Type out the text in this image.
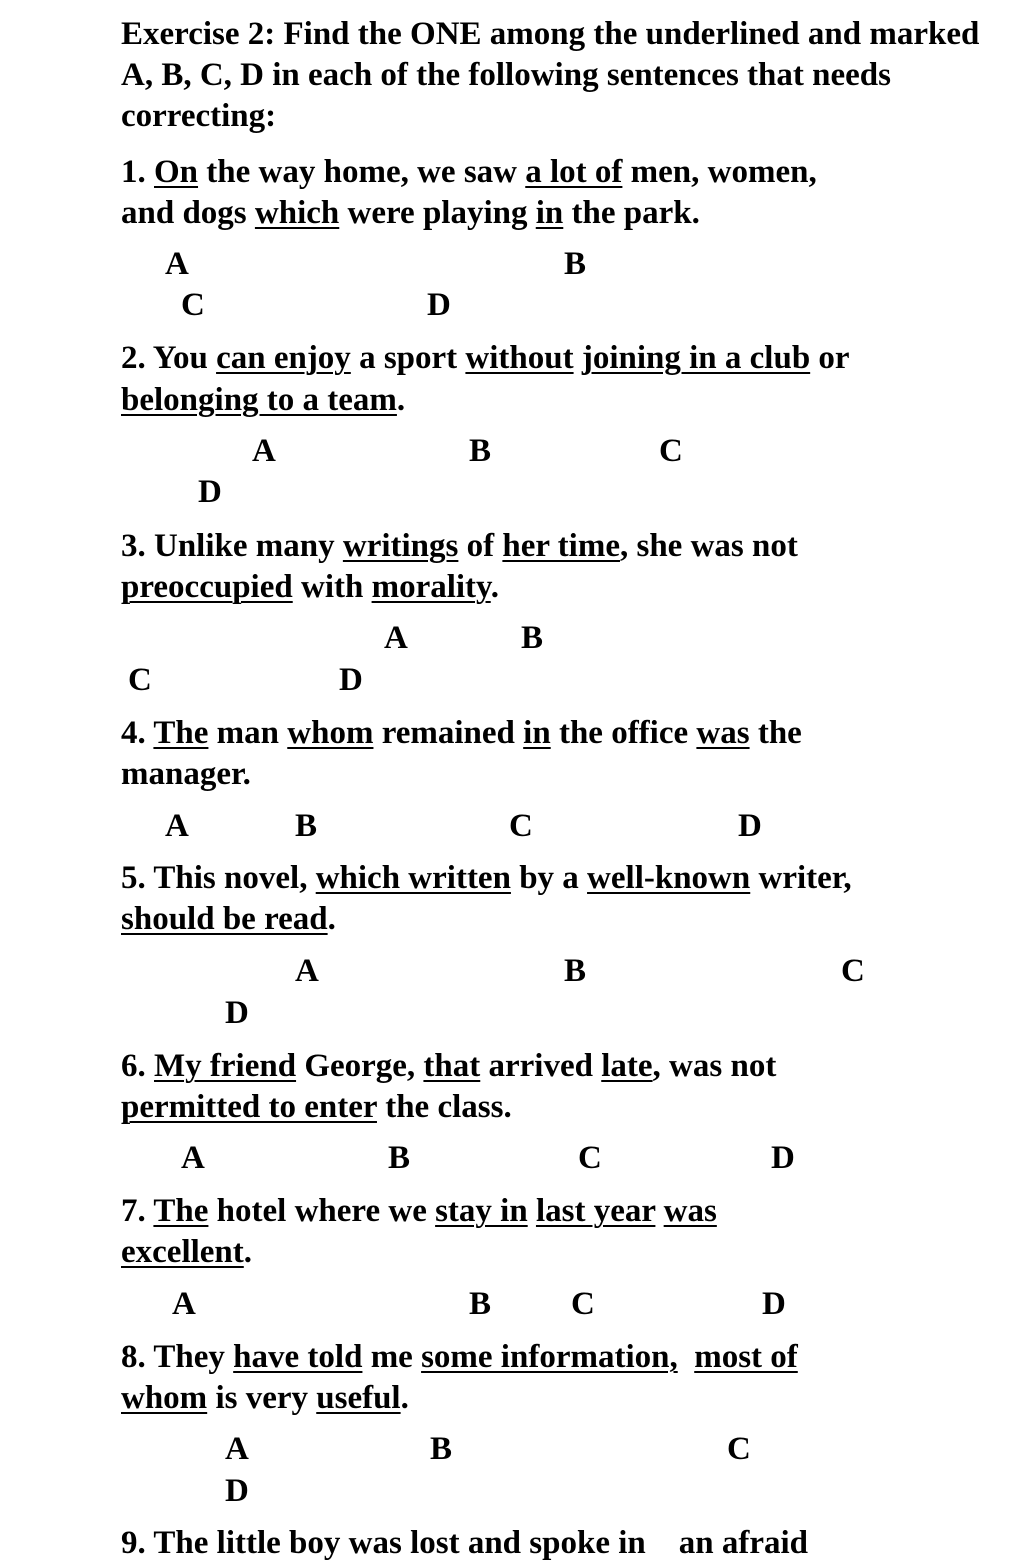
Exercise 2: Find the ONE among the underlined and marked A, B, C, D in each of the following sentences that needs correcting:
1. On the way home, we saw a lot of men, women,
and dogs which were playing in the park.
A	B
C	D
2. You can enjoy a sport without joining in a club or
belonging to a team.
A	B	C
D
3. Unlike many writings of her time, she was not
preoccupied with morality.
A	B
C	D
4. The man whom remained in the office was the
manager.
A	B	C	D
5. This novel, which written by a well-known writer,
should be read.
A	B	C
D
6. My friend George, that arrived late, was not
permitted to enter the class.
A	B	C	D
7. The hotel where we stay in last year was
excellent.
A	B C	D
8. They have told me some information, most of
whom is very useful.
A	B	C
D
9. The little boy was lost and spoke in    an afraid
